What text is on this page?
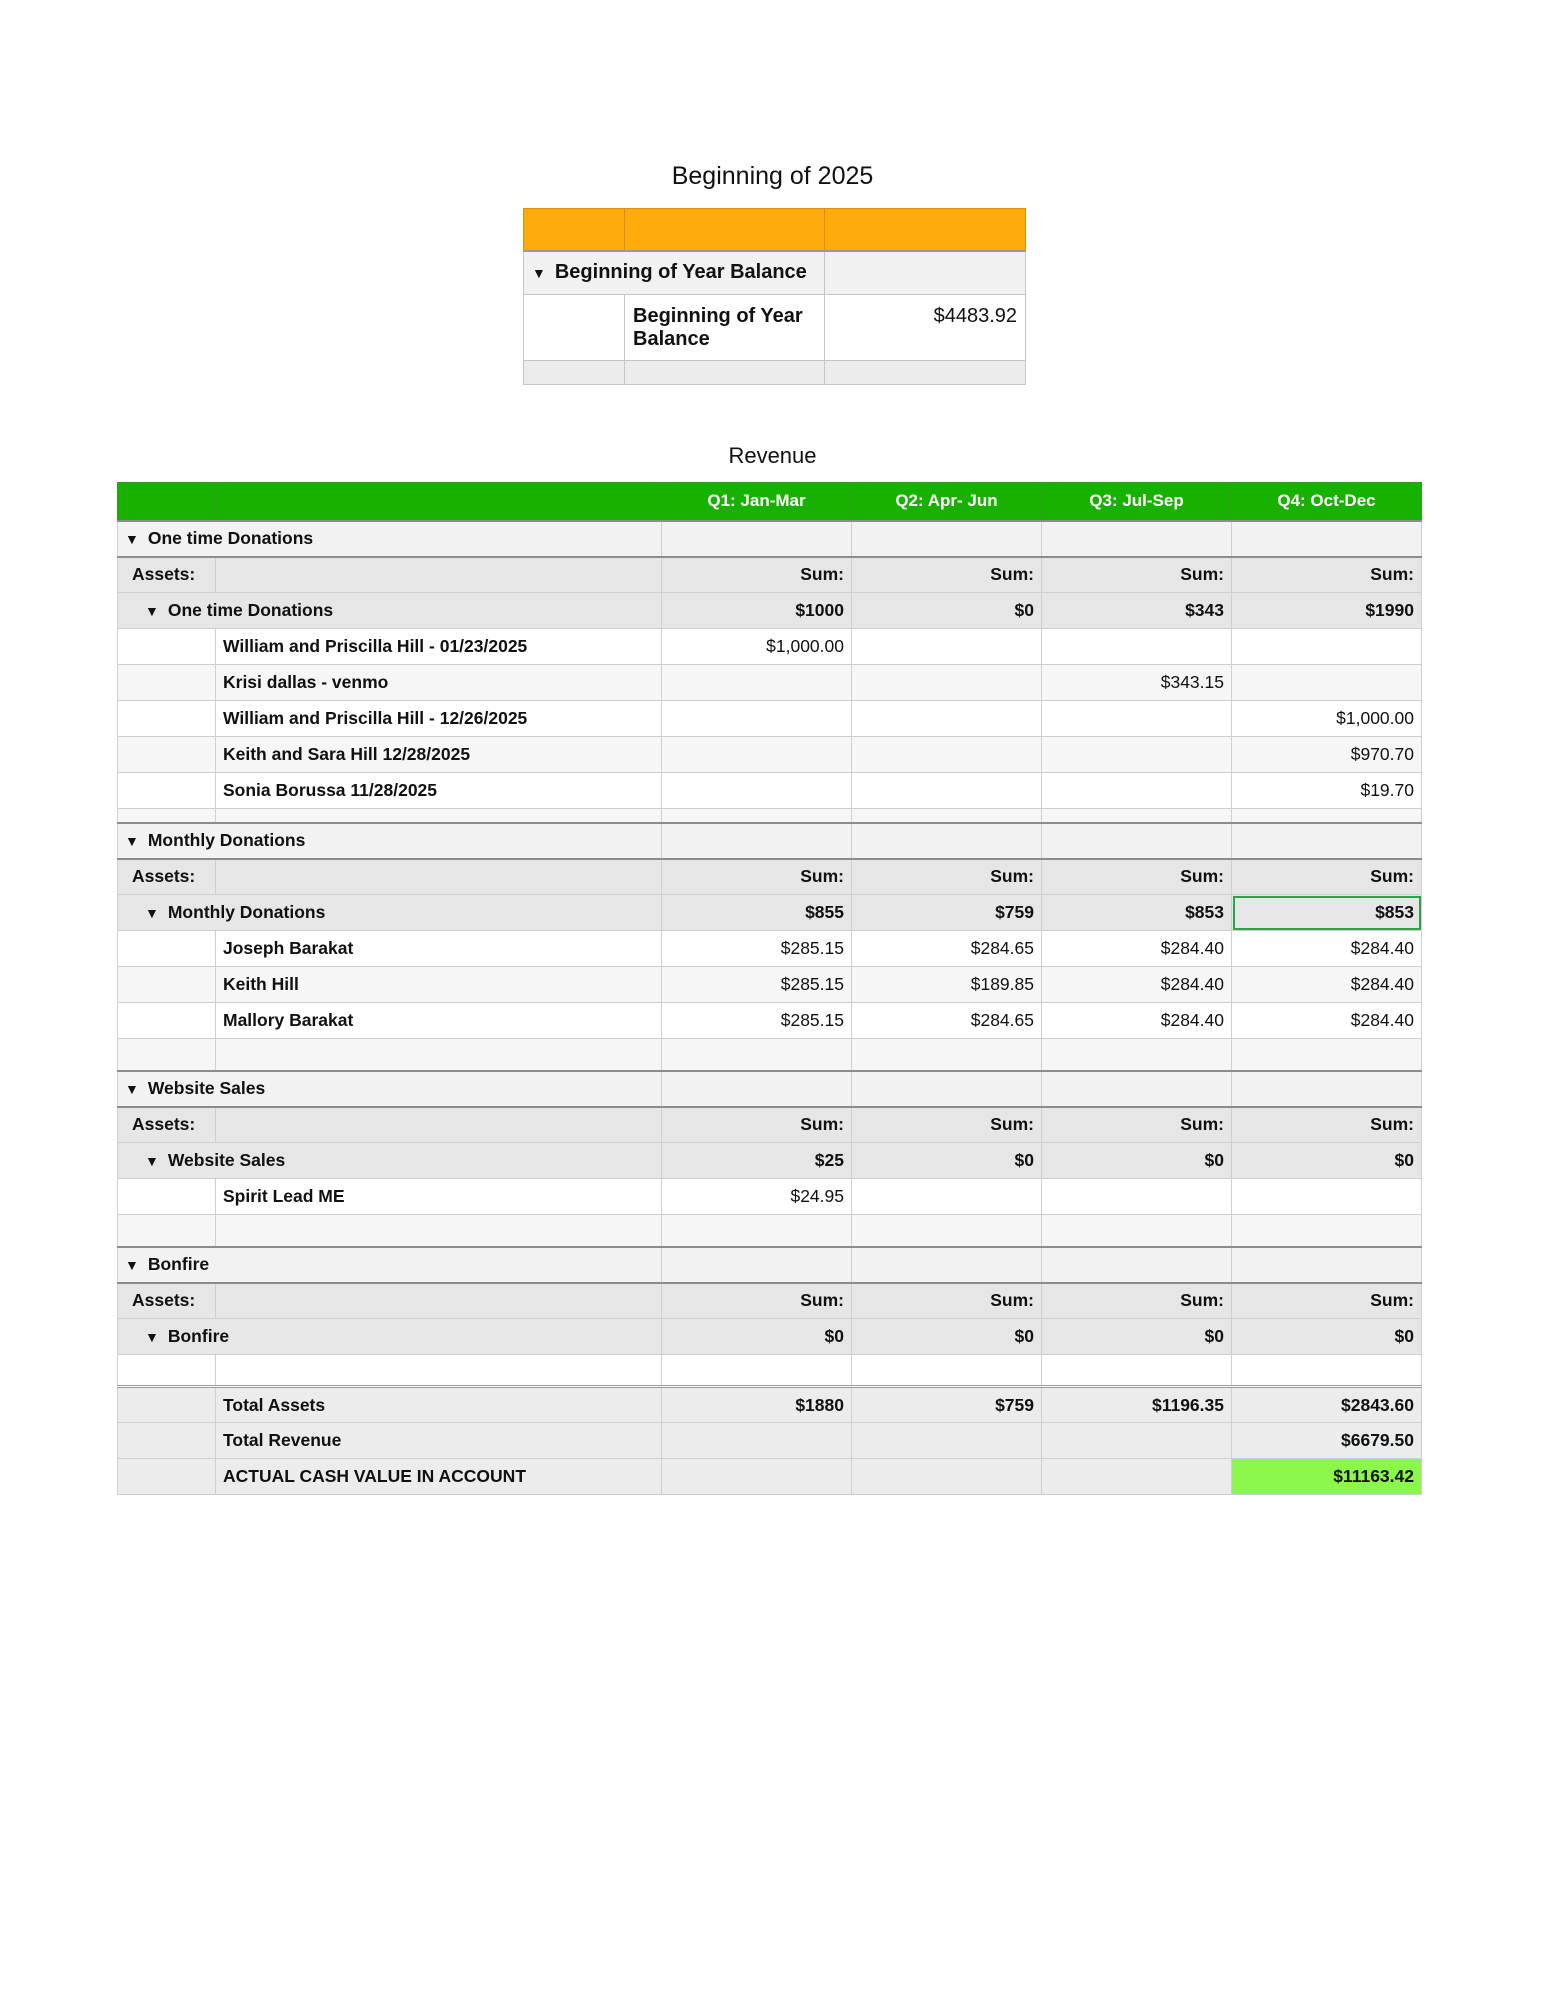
Beginning of 2025

▼ Beginning of Year Balance		
	Beginning of Year Balance	$4483.92

Revenue
		Q1: Jan-Mar	Q2: Apr- Jun	Q3: Jul-Sep	Q4: Oct-Dec
▼ One time Donations					
Assets:		Sum:	Sum:	Sum:	Sum:
▼ One time Donations		$1000	$0	$343	$1990
	William and Priscilla Hill - 01/23/2025	$1,000.00			
	Krisi dallas - venmo			$343.15	
	William and Priscilla Hill - 12/26/2025				$1,000.00
	Keith and Sara Hill 12/28/2025				$970.70
	Sonia Borussa 11/28/2025				$19.70

▼ Monthly Donations					
Assets:		Sum:	Sum:	Sum:	Sum:
▼ Monthly Donations		$855	$759	$853	$853
	Joseph Barakat	$285.15	$284.65	$284.40	$284.40
	Keith Hill	$285.15	$189.85	$284.40	$284.40
	Mallory Barakat	$285.15	$284.65	$284.40	$284.40

▼ Website Sales					
Assets:		Sum:	Sum:	Sum:	Sum:
▼ Website Sales		$25	$0	$0	$0
	Spirit Lead ME	$24.95			

▼ Bonfire					
Assets:		Sum:	Sum:	Sum:	Sum:
▼ Bonfire		$0	$0	$0	$0

	Total Assets	$1880	$759	$1196.35	$2843.60
	Total Revenue				$6679.50
	ACTUAL CASH VALUE IN ACCOUNT				$11163.42
